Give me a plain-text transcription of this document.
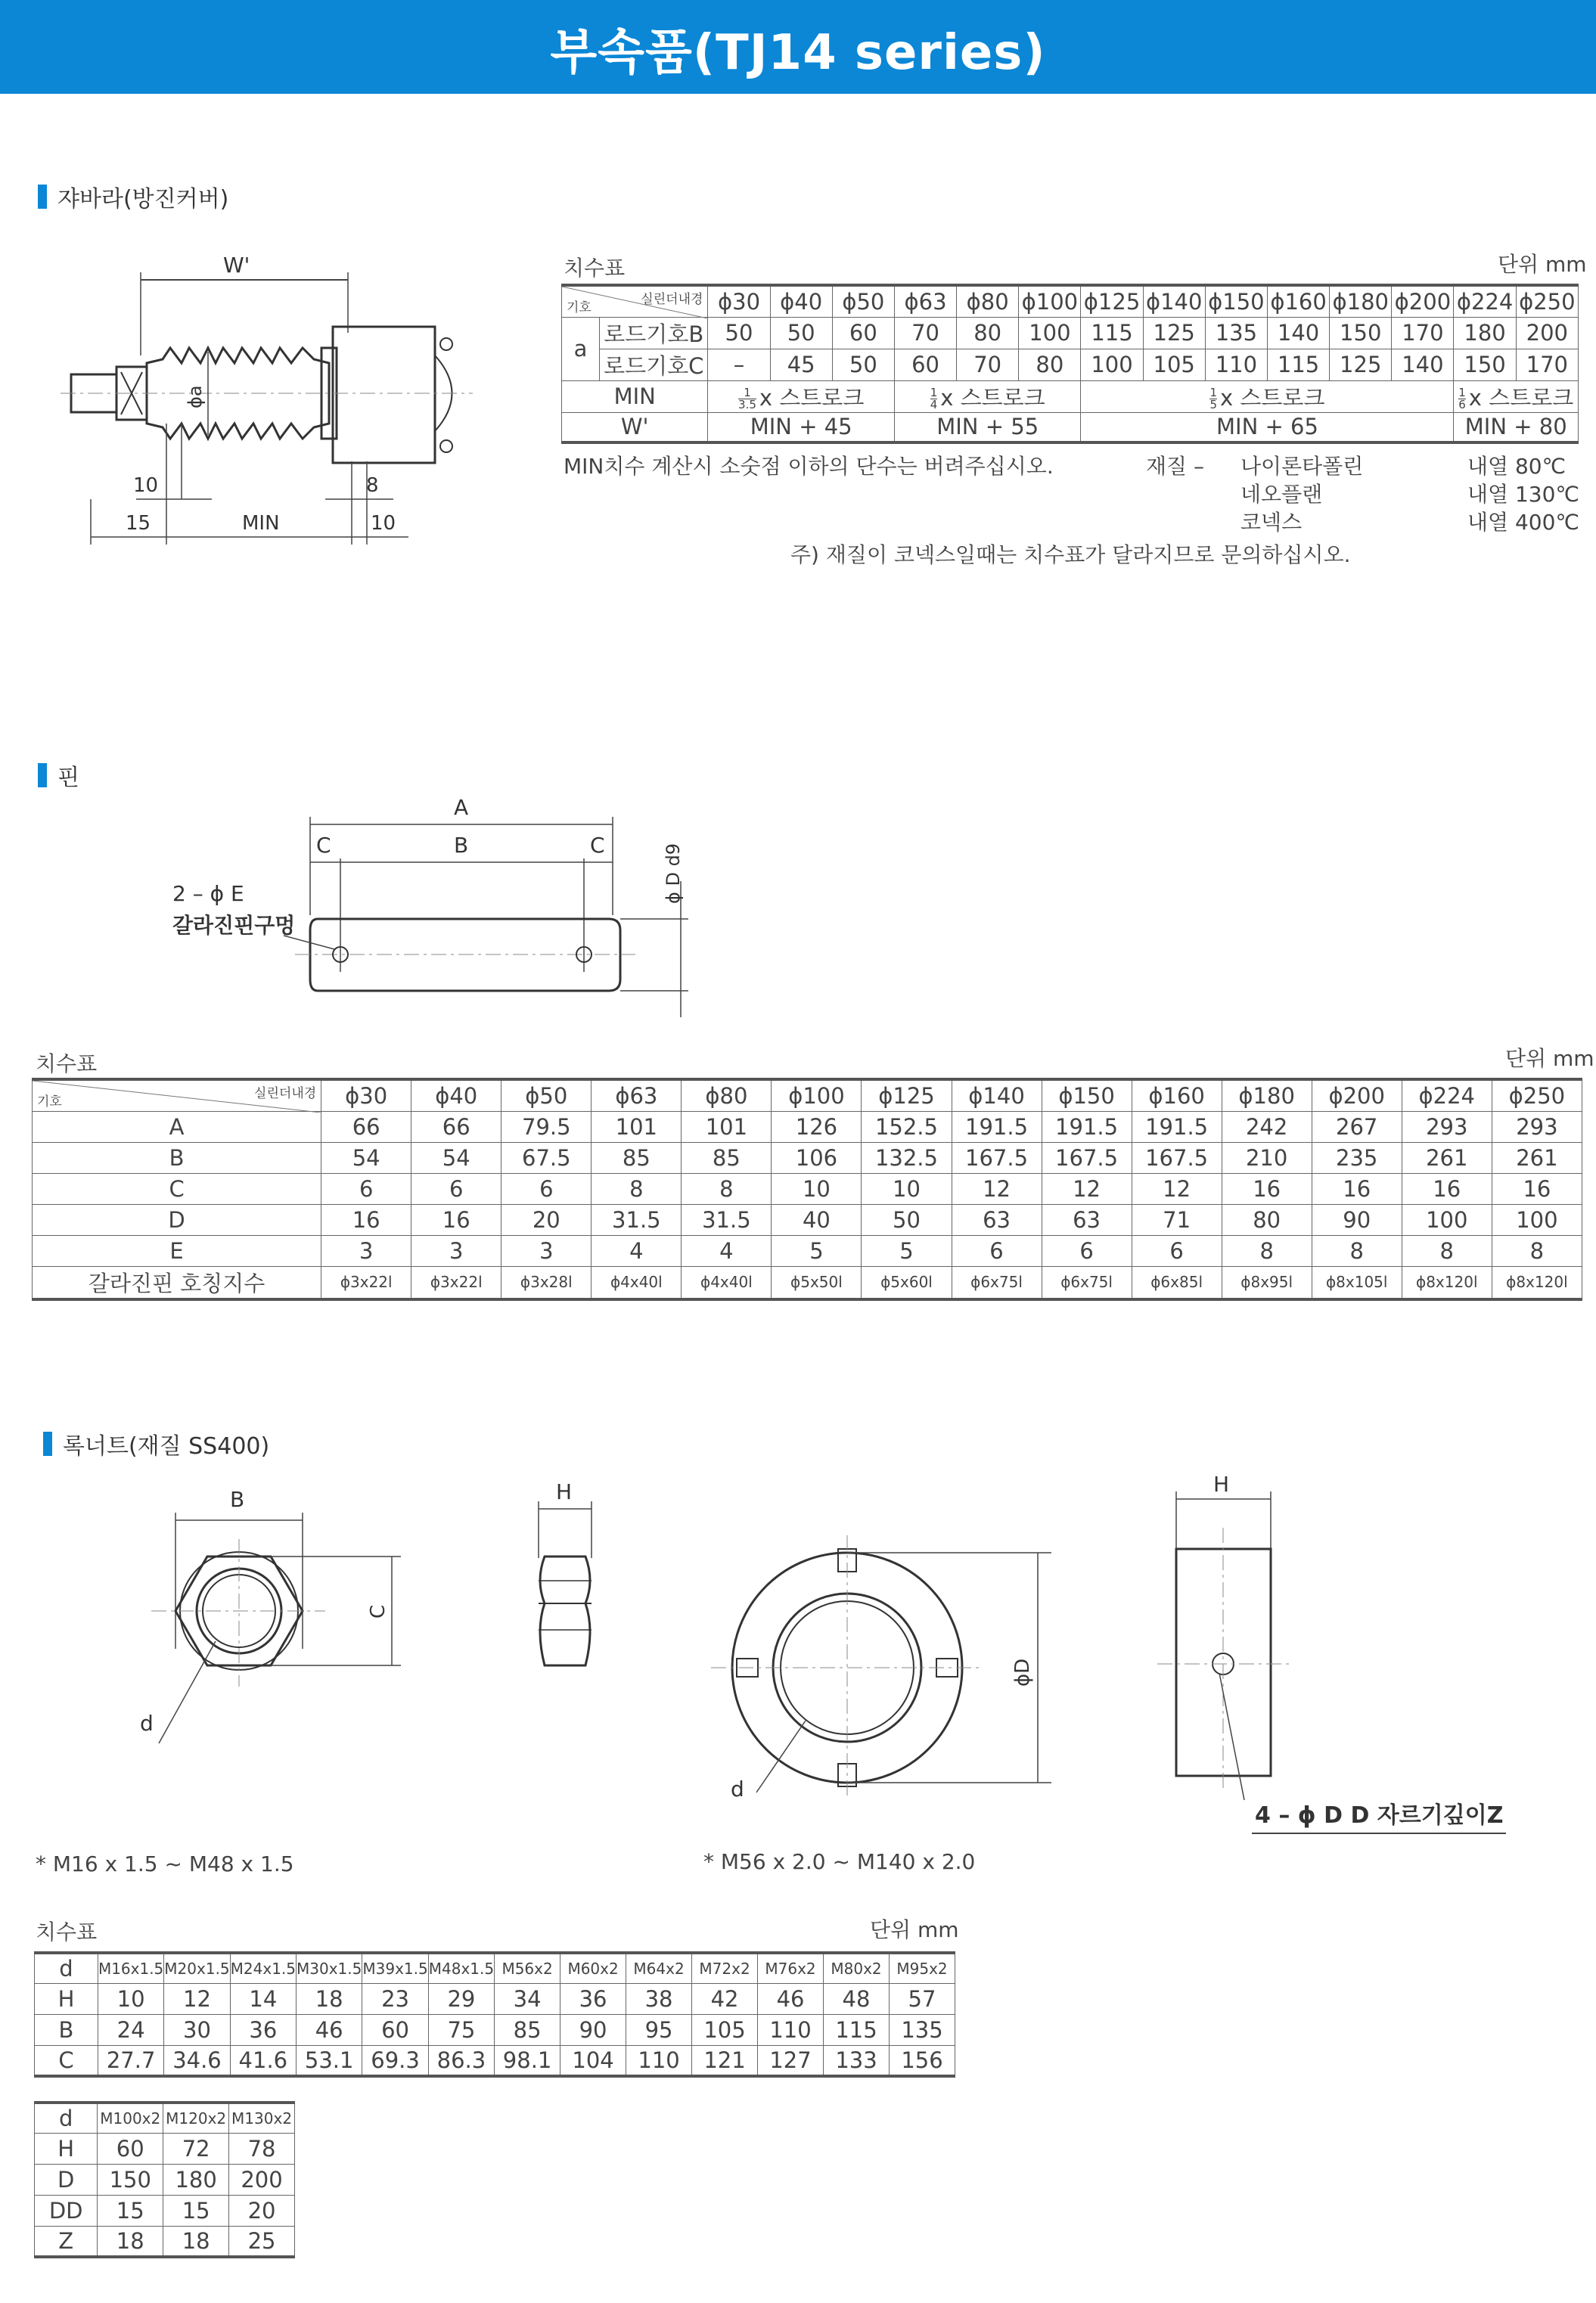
부속품(TJ14 series)
쟈바라(방진커버)
W'
ϕa
10
15	MIN
8
10
치수표	단위 mm
실린더내경
기호		ϕ30	ϕ40	ϕ50	ϕ63	ϕ80	ϕ100	ϕ125	ϕ140	ϕ150	ϕ160	ϕ180	ϕ200	ϕ224	ϕ250
a	로드기호B	50	50	60	70	80	100	115	125	135	140	150	170	180	200
	로드기호C	–	45	50	60	70	80	100	105	110	115	125	140	150	170
MIN		$\frac{1}{3.5}$ x 스트로크			$\frac{1}{4}$ x 스트로크			$\frac{1}{5}$ x 스트로크						$\frac{1}{6}$ x 스트로크	
W'		MIN + 45			MIN + 55			MIN + 65						MIN + 80	
MIN치수 계산시 소숫점 이하의 단수는 버려주십시오.	재질 – 나이론타폴린	내열 80℃
네오플랜	내열 130℃
코넥스	내열 400℃
주) 재질이 코넥스일때는 치수표가 달라지므로 문의하십시오.
핀
A
B
C	C	ϕ D d9
2 – ϕ E
갈라진핀구멍
치수표	단위 mm
실린더내경
기호	ϕ30	ϕ40	ϕ50	ϕ63	ϕ80	ϕ100	ϕ125	ϕ140	ϕ150	ϕ160	ϕ180	ϕ200	ϕ224	ϕ250
A	66	66	79.5	101	101	126	152.5	191.5	191.5	191.5	242	267	293	293
B	54	54	67.5	85	85	106	132.5	167.5	167.5	167.5	210	235	261	261
C	6	6	6	8	8	10	10	12	12	12	16	16	16	16
D	16	16	20	31.5	31.5	40	50	63	63	71	80	90	100	100
E	3	3	3	4	4	5	5	6	6	6	8	8	8	8
갈라진핀 호칭지수	ϕ3x22l	ϕ3x22l	ϕ3x28l	ϕ4x40l	ϕ4x40l	ϕ5x50l	ϕ5x60l	ϕ6x75l	ϕ6x75l	ϕ6x85l	ϕ8x95l	ϕ8x105l	ϕ8x120l	ϕ8x120l
록너트(재질 SS400)
B
C
d
H
ϕD
d
H
4 – ϕ D D 자르기깊이Z
* M16 x 1.5 ~ M48 x 1.5	* M56 x 2.0 ~ M140 x 2.0
치수표	단위 mm
d	M16x1.5	M20x1.5	M24x1.5	M30x1.5	M39x1.5	M48x1.5	M56x2	M60x2	M64x2	M72x2	M76x2	M80x2	M95x2
H	10	12	14	18	23	29	34	36	38	42	46	48	57
B	24	30	36	46	60	75	85	90	95	105	110	115	135
C	27.7	34.6	41.6	53.1	69.3	86.3	98.1	104	110	121	127	133	156
d	M100x2	M120x2	M130x2
H	60	72	78
D	150	180	200
DD	15	15	20
Z	18	18	25
